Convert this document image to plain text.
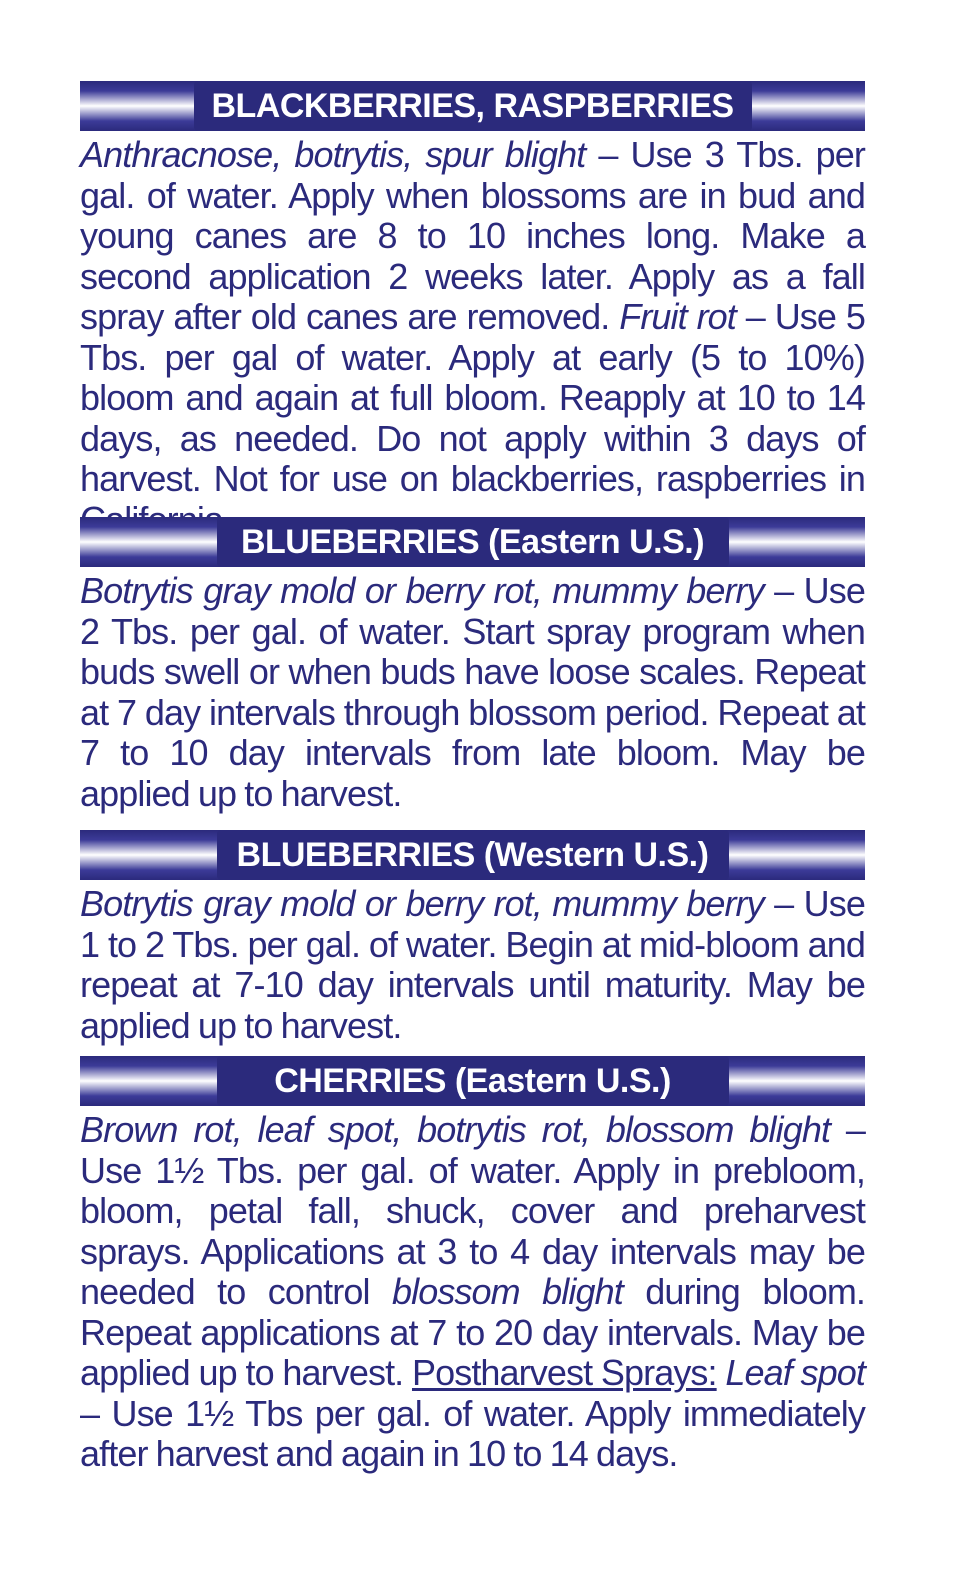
BLACKBERRIES, RASPBERRIES

Anthracnose, botrytis, spur blight – Use 3 Tbs. per gal. of water. Apply when blossoms are in bud and young canes are 8 to 10 inches long. Make a second application 2 weeks later. Apply as a fall spray after old canes are removed. Fruit rot – Use 5 Tbs. per gal of water. Apply at early (5 to 10%) bloom and again at full bloom. Reapply at 10 to 14 days, as needed. Do not apply within 3 days of harvest. Not for use on blackberries, raspberries in

BLUEBERRIES (Eastern U.S.)

Botrytis gray mold or berry rot, mummy berry – Use 2 Tbs. per gal. of water. Start spray program when buds swell or when buds have loose scales. Repeat at 7 day intervals through blossom period. Repeat at 7 to 10 day intervals from late bloom. May be applied up to harvest.

BLUEBERRIES (Western U.S.)

Botrytis gray mold or berry rot, mummy berry – Use 1 to 2 Tbs. per gal. of water. Begin at mid-bloom and repeat at 7-10 day intervals until maturity. May be applied up to harvest.

CHERRIES (Eastern U.S.)

Brown rot, leaf spot, botrytis rot, blossom blight – Use 1½ Tbs. per gal. of water. Apply in prebloom, bloom, petal fall, shuck, cover and preharvest sprays. Applications at 3 to 4 day intervals may be needed to control blossom blight during bloom. Repeat applications at 7 to 20 day intervals. May be applied up to harvest. Postharvest Sprays: Leaf spot – Use 1½ Tbs per gal. of water. Apply immediately after harvest and again in 10 to 14 days.
